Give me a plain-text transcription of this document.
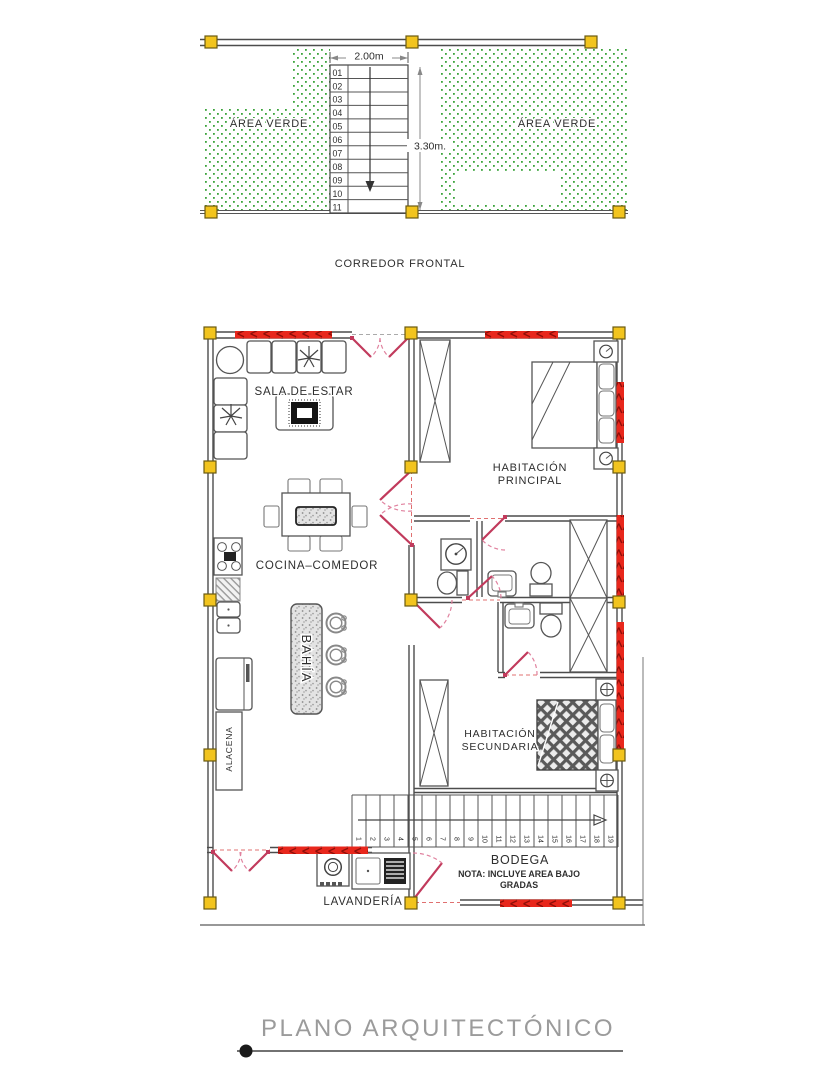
01
02
03
04
05
06
07
08
09
10
11
2.00m
3.30m.
ÁREA VERDE	ÁREA VERDE
CORREDOR FRONTAL
ALACENA
BAHÍA
1 2 3 4 5 6 7 8 9 10 11 12 13 14 15 16 17 18 19
SALA DE ESTAR
HABITACIÓN
PRINCIPAL
COCINA–COMEDOR
HABITACIÓN
SECUNDARIA
BODEGA
NOTA: INCLUYE AREA BAJO
GRADAS
LAVANDERÍA
PLANO ARQUITECTÓNICO
